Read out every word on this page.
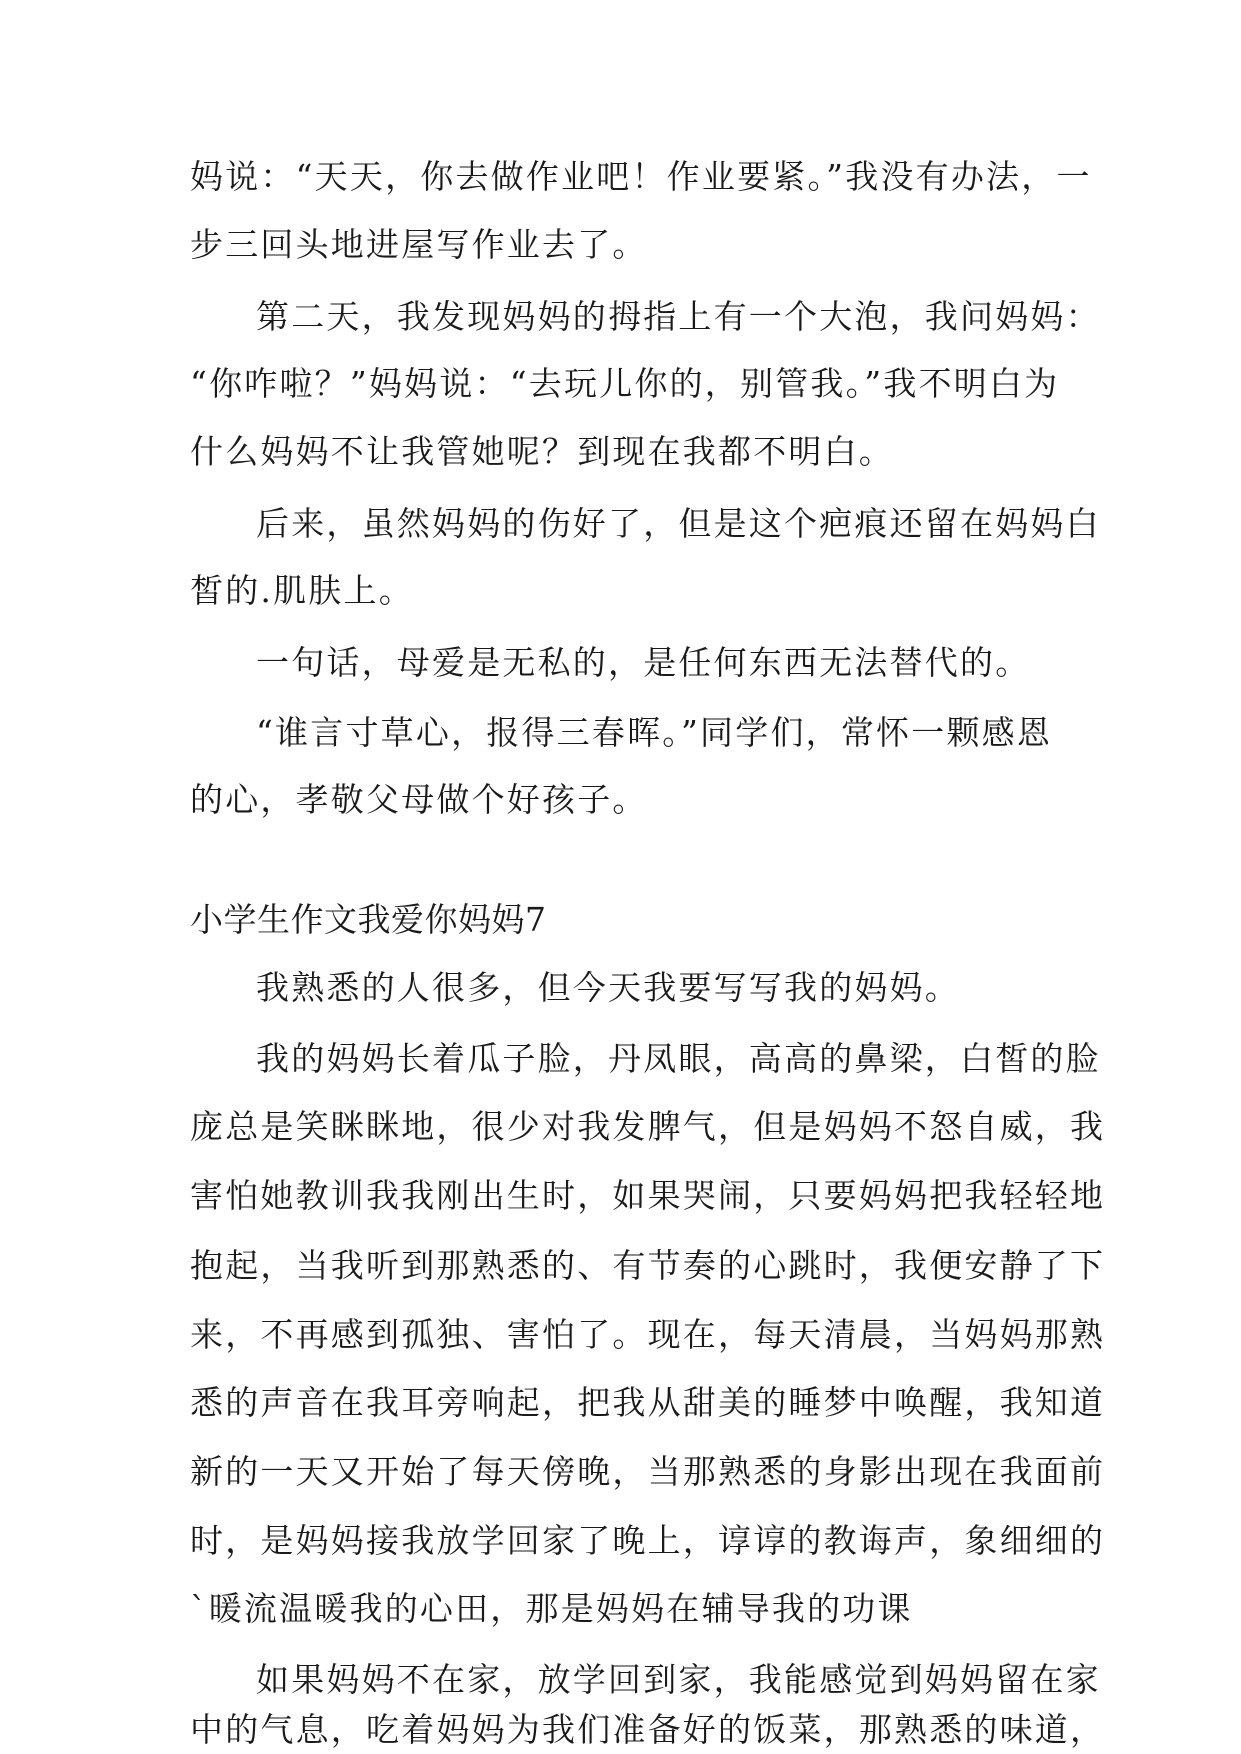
妈说：“天天，你去做作业吧！作业要紧。”我没有办法，一
步三回头地进屋写作业去了。
第二天，我发现妈妈的拇指上有一个大泡，我问妈妈：
“你咋啦？”妈妈说：“去玩儿你的，别管我。”我不明白为
什么妈妈不让我管她呢？到现在我都不明白。
后来，虽然妈妈的伤好了，但是这个疤痕还留在妈妈白
皙的.肌肤上。
一句话，母爱是无私的，是任何东西无法替代的。
“谁言寸草心，报得三春晖。”同学们，常怀一颗感恩
的心，孝敬父母做个好孩子。
小学生作文我爱你妈妈7
我熟悉的人很多，但今天我要写写我的妈妈。
我的妈妈长着瓜子脸，丹凤眼，高高的鼻梁，白皙的脸
庞总是笑眯眯地，很少对我发脾气，但是妈妈不怒自威，我
害怕她教训我我刚出生时，如果哭闹，只要妈妈把我轻轻地
抱起，当我听到那熟悉的、有节奏的心跳时，我便安静了下
来，不再感到孤独、害怕了。现在，每天清晨，当妈妈那熟
悉的声音在我耳旁响起，把我从甜美的睡梦中唤醒，我知道
新的一天又开始了每天傍晚，当那熟悉的身影出现在我面前
时，是妈妈接我放学回家了晚上，谆谆的教诲声，象细细的
`暖流温暖我的心田，那是妈妈在辅导我的功课
如果妈妈不在家，放学回到家，我能感觉到妈妈留在家
中的气息，吃着妈妈为我们准备好的饭菜，那熟悉的味道，
